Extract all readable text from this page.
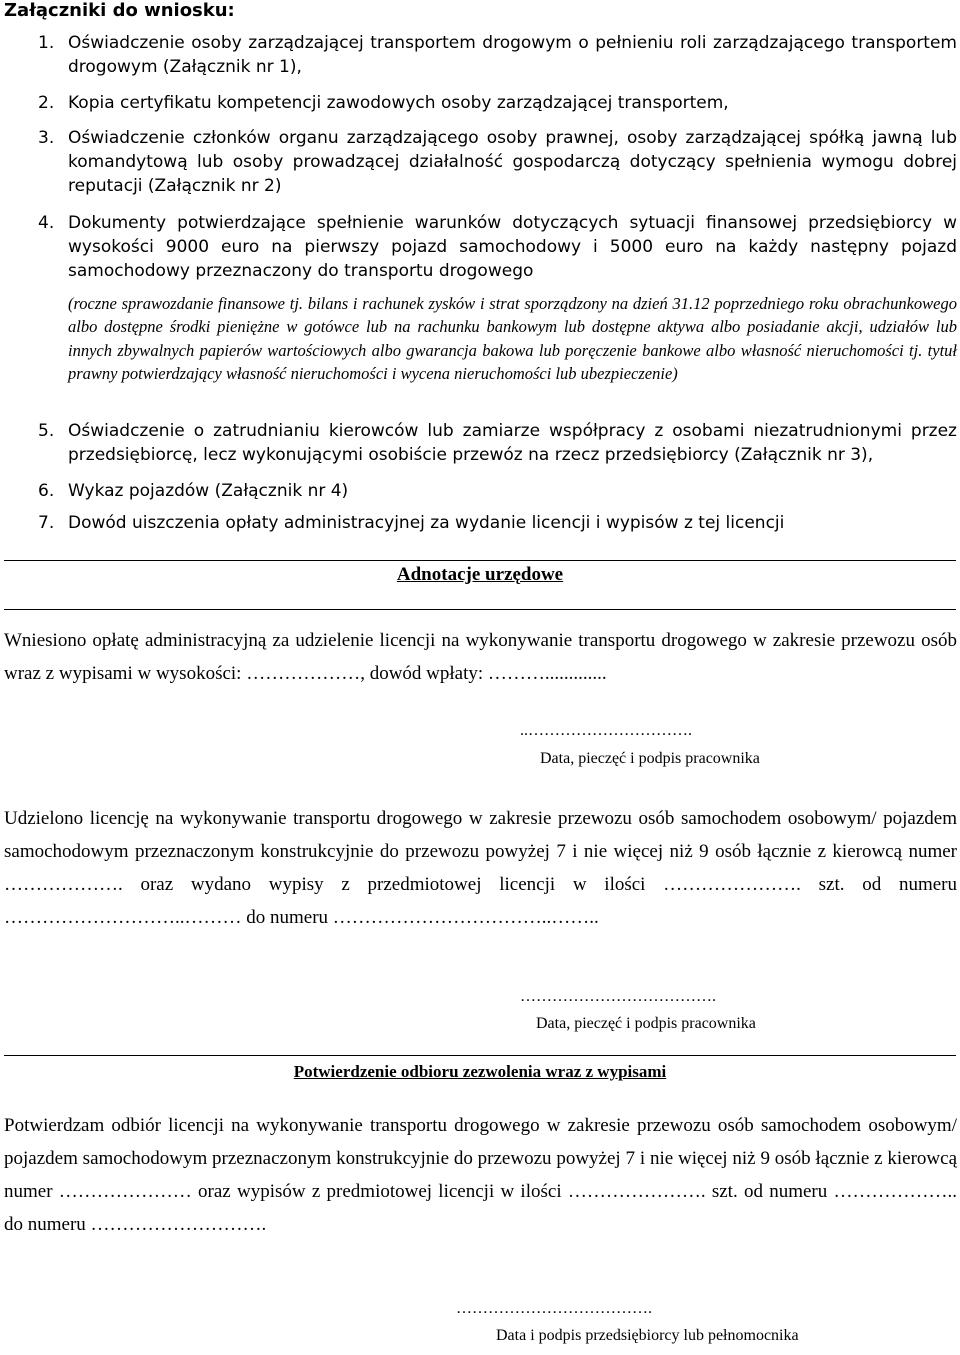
Załączniki do wniosku:
1. Oświadczenie osoby zarządzającej transportem drogowym o pełnieniu roli zarządzającego transportem drogowym (Załącznik nr 1),
2. Kopia certyfikatu kompetencji zawodowych osoby zarządzającej transportem,
3. Oświadczenie członków organu zarządzającego osoby prawnej, osoby zarządzającej spółką jawną lub komandytową lub osoby prowadzącej działalność gospodarczą dotyczący spełnienia wymogu dobrej reputacji (Załącznik nr 2)
4. Dokumenty potwierdzające spełnienie warunków dotyczących sytuacji finansowej przedsiębiorcy w wysokości 9000 euro na pierwszy pojazd samochodowy i 5000 euro na każdy następny pojazd samochodowy przeznaczony do transportu drogowego
(roczne sprawozdanie finansowe tj. bilans i rachunek zysków i strat sporządzony na dzień 31.12 poprzedniego roku obrachunkowego albo dostępne środki pieniężne w gotówce lub na rachunku bankowym lub dostępne aktywa albo posiadanie akcji, udziałów lub innych zbywalnych papierów wartościowych albo gwarancja bakowa lub poręczenie bankowe albo własność nieruchomości tj. tytuł prawny potwierdzający własność nieruchomości i wycena nieruchomości lub ubezpieczenie)
5. Oświadczenie o zatrudnianiu kierowców lub zamiarze współpracy z osobami niezatrudnionymi przez przedsiębiorcę, lecz wykonującymi osobiście przewóz na rzecz przedsiębiorcy (Załącznik nr 3),
6. Wykaz pojazdów (Załącznik nr 4)
7. Dowód uiszczenia opłaty administracyjnej za wydanie licencji i wypisów z tej licencji
Adnotacje urzędowe
Wniesiono opłatę administracyjną za udzielenie licencji na wykonywanie transportu drogowego w zakresie przewozu osób wraz z wypisami w wysokości: ………………, dowód wpłaty: ……….............
..………………………….
Data, pieczęć i podpis pracownika
Udzielono licencję na wykonywanie transportu drogowego w zakresie przewozu osób samochodem osobowym/ pojazdem samochodowym przeznaczonym konstrukcyjnie do przewozu powyżej 7 i nie więcej niż 9 osób łącznie z kierowcą numer ………………. oraz wydano wypisy z przedmiotowej licencji w ilości …………………. szt. od numeru ………………………..……… do numeru ……………………………..……..
……………………………….
Data, pieczęć i podpis pracownika
Potwierdzenie odbioru zezwolenia wraz z wypisami
Potwierdzam odbiór licencji na wykonywanie transportu drogowego w zakresie przewozu osób samochodem osobowym/ pojazdem samochodowym przeznaczonym konstrukcyjnie do przewozu powyżej 7 i nie więcej niż 9 osób łącznie z kierowcą numer ………………… oraz wypisów z predmiotowej licencji w ilości …………………. szt. od numeru ……………….. do numeru ……………………….
……………………………….
Data i podpis przedsiębiorcy lub pełnomocnika
